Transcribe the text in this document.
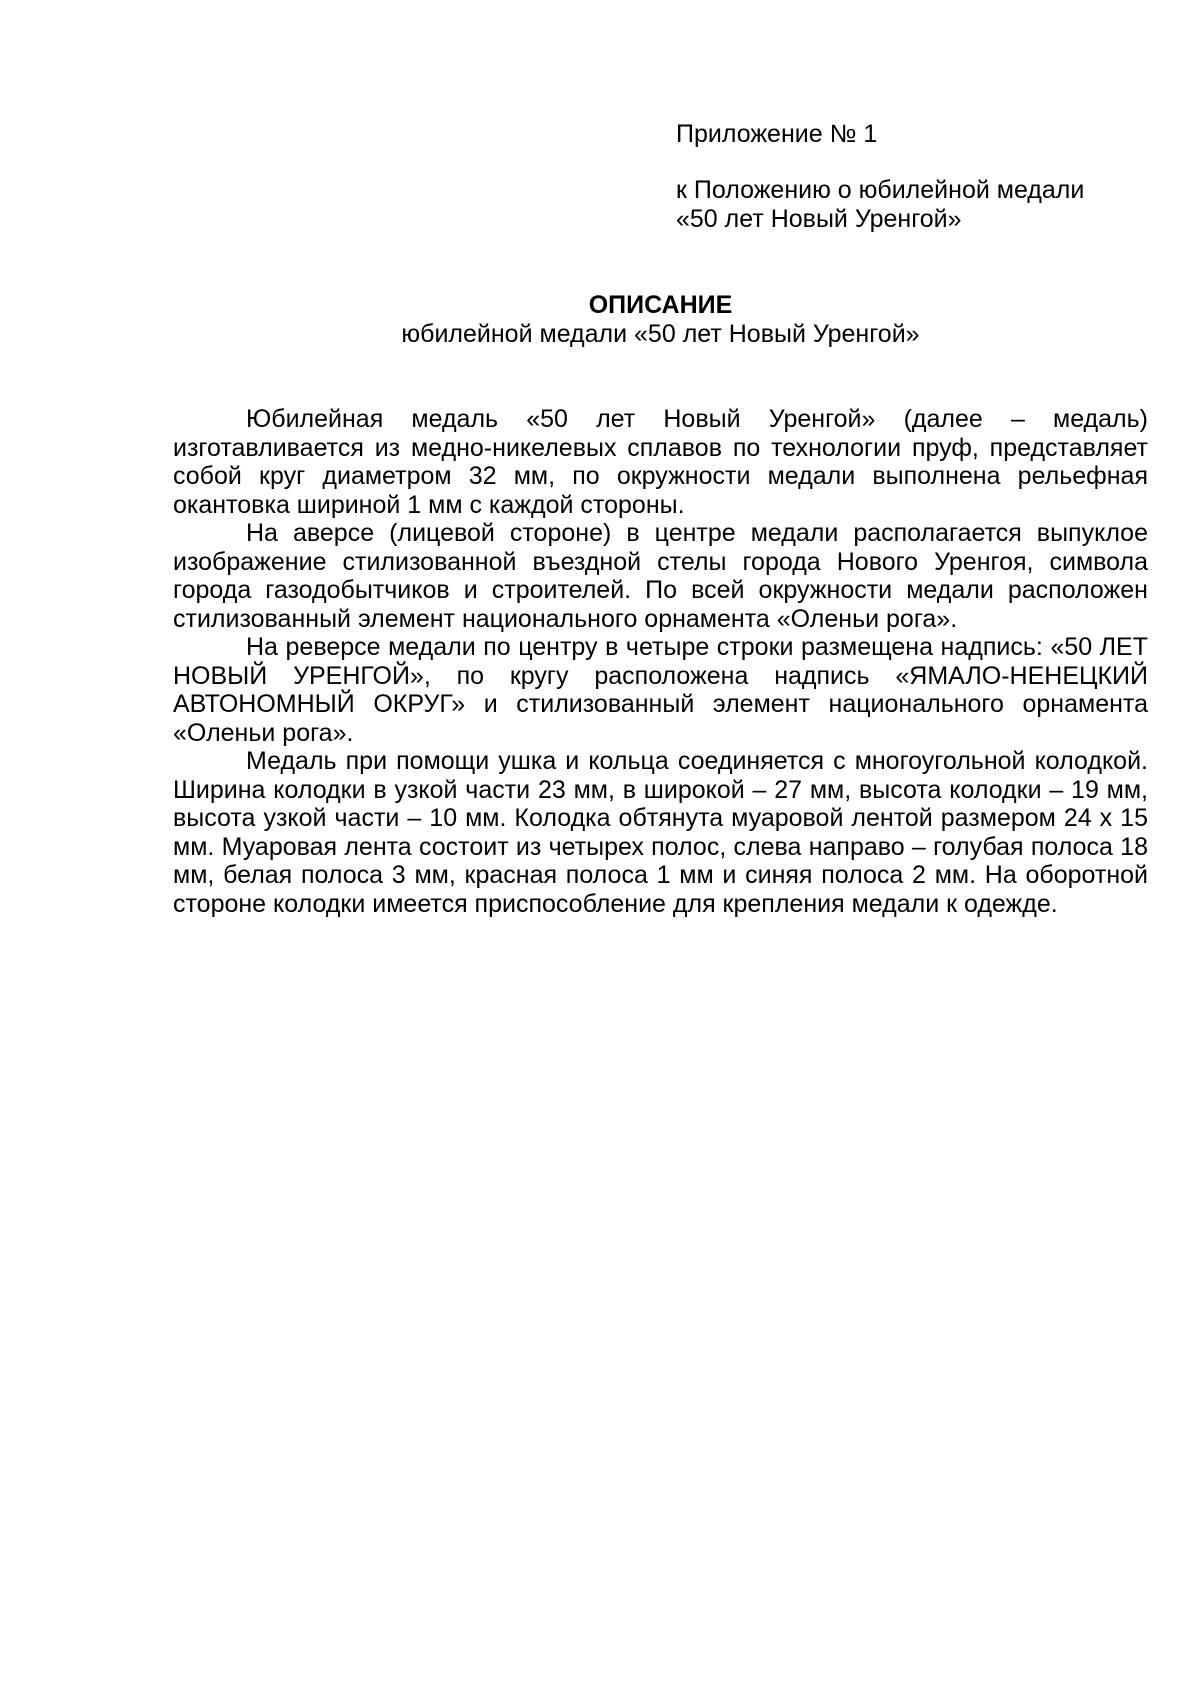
Приложение № 1
к Положению о юбилейной медали
«50 лет Новый Уренгой»
ОПИСАНИЕ
юбилейной медали «50 лет Новый Уренгой»

Юбилейная медаль «50 лет Новый Уренгой» (далее – медаль) изготавливается из медно-никелевых сплавов по технологии пруф, представляет собой круг диаметром 32 мм, по окружности медали выполнена рельефная окантовка шириной 1 мм с каждой стороны.

На аверсе (лицевой стороне) в центре медали располагается выпуклое изображение стилизованной въездной стелы города Нового Уренгоя, символа города газодобытчиков и строителей. По всей окружности медали расположен стилизованный элемент национального орнамента «Оленьи рога».

На реверсе медали по центру в четыре строки размещена надпись: «50 ЛЕТ НОВЫЙ УРЕНГОЙ», по кругу расположена надпись «ЯМАЛО-НЕНЕЦКИЙ АВТОНОМНЫЙ ОКРУГ» и стилизованный элемент национального орнамента «Оленьи рога».

Медаль при помощи ушка и кольца соединяется с многоугольной колодкой. Ширина колодки в узкой части 23 мм, в широкой – 27 мм, высота колодки – 19 мм, высота узкой части – 10 мм. Колодка обтянута муаровой лентой размером 24 х 15 мм. Муаровая лента состоит из четырех полос, слева направо – голубая полоса 18 мм, белая полоса 3 мм, красная полоса 1 мм и синяя полоса 2 мм. На оборотной стороне колодки имеется приспособление для крепления медали к одежде.
